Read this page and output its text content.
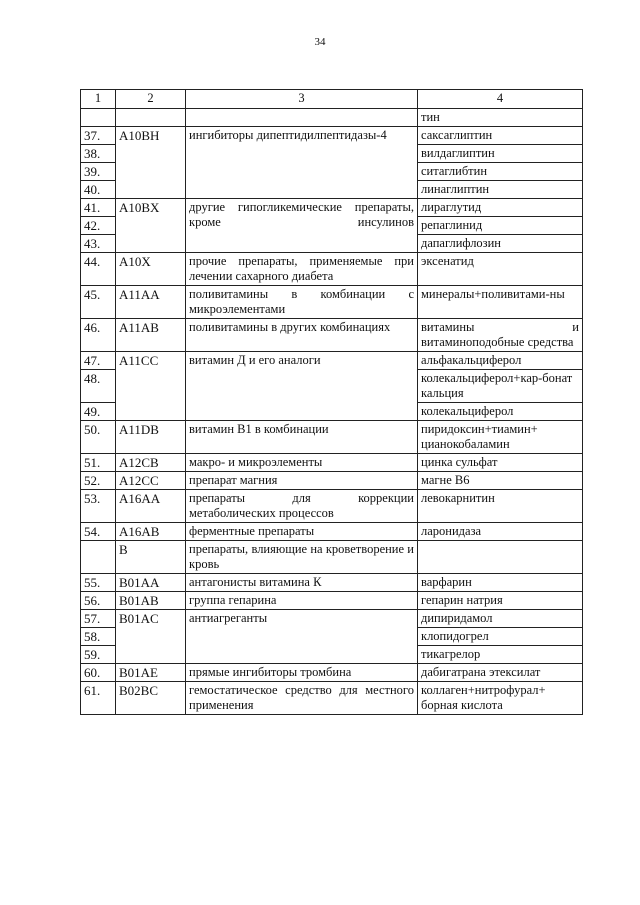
34
1	2	3	4
			тин
37.	A10BH	ингибиторы дипептидилпептидазы-4	саксаглиптин
38.			вилдаглиптин
39.			ситаглибтин
40.			линаглиптин
41.	A10BX	другие гипогликемические препараты, кроме инсулинов	лираглутид
42.			репаглинид
43.			дапаглифлозин
44.	A10X	прочие препараты, применяемые при лечении сахарного диабета	эксенатид
45.	A11AA	поливитамины в комбинации с микроэлементами	минералы+поливитами-ны
46.	A11AB	поливитамины в других комбинациях	витамины и витаминоподобные средства
47.	A11CC	витамин Д и его аналоги	альфакальциферол
48.			колекальциферол+кар-бонат кальция
49.			колекальциферол
50.	A11DB	витамин В1 в комбинации	пиридоксин+тиамин+ цианокобаламин
51.	A12CB	макро- и микроэлементы	цинка сульфат
52.	A12CC	препарат магния	магне В6
53.	A16AA	препараты для коррекции метаболических процессов	левокарнитин
54.	A16AB	ферментные препараты	ларонидаза
	B	препараты, влияющие на кроветворение и кровь	
55.	B01AA	антагонисты витамина К	варфарин
56.	B01AB	группа гепарина	гепарин натрия
57.	B01AC	антиагреганты	дипиридамол
58.			клопидогрел
59.			тикагрелор
60.	B01AE	прямые ингибиторы тромбина	дабигатрана этексилат
61.	B02BC	гемостатическое средство для местного применения	коллаген+нитрофурал+ борная кислота
